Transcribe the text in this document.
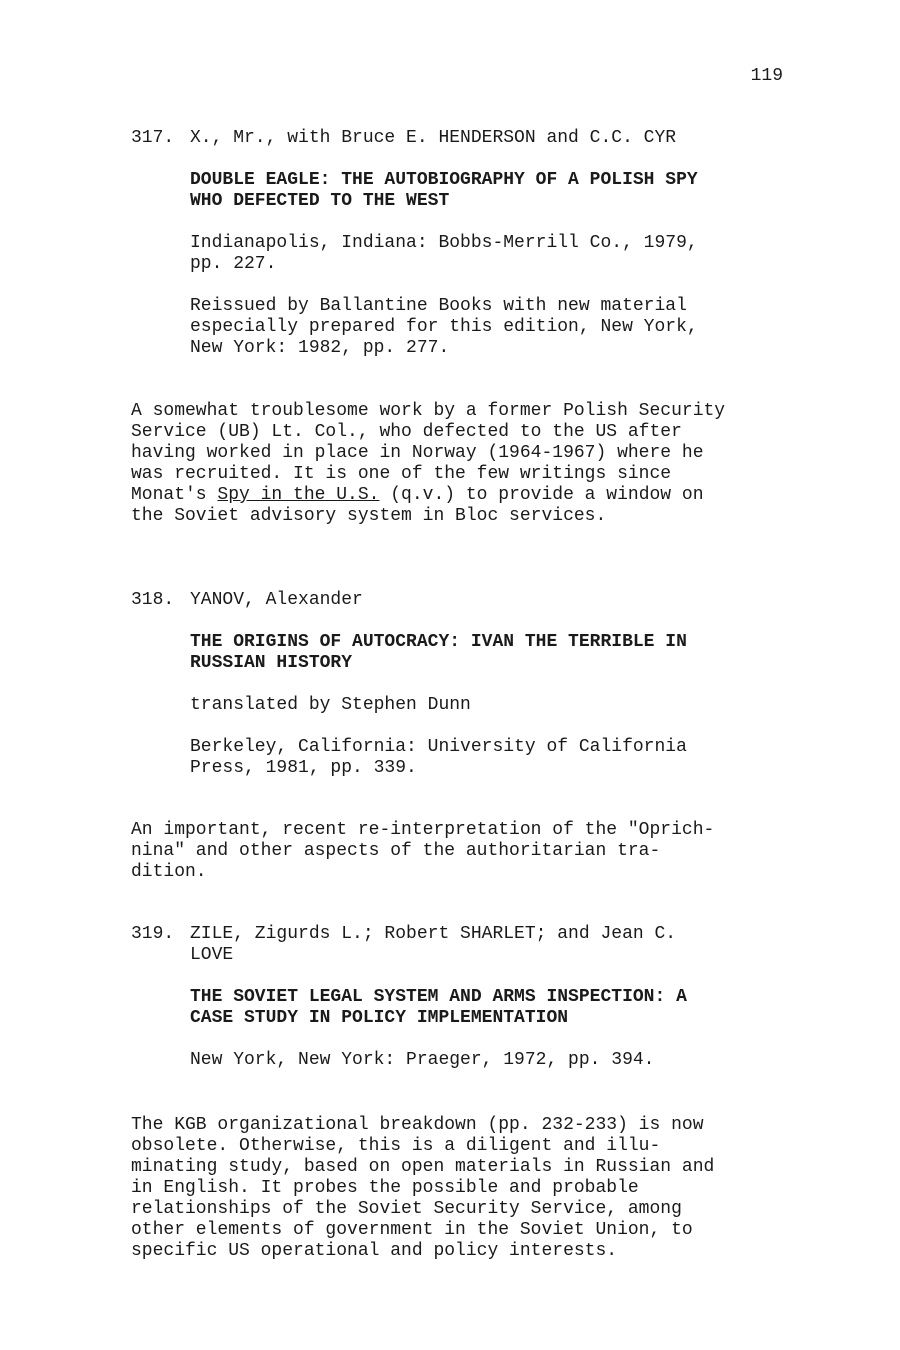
119
317. X., Mr., with Bruce E. HENDERSON and C.C. CYR
DOUBLE EAGLE: THE AUTOBIOGRAPHY OF A POLISH SPY
WHO DEFECTED TO THE WEST
Indianapolis, Indiana: Bobbs-Merrill Co., 1979,
pp. 227.
Reissued by Ballantine Books with new material
especially prepared for this edition, New York,
New York: 1982, pp. 277.
A somewhat troublesome work by a former Polish Security
Service (UB) Lt. Col., who defected to the US after
having worked in place in Norway (1964-1967) where he
was recruited. It is one of the few writings since
Monat's Spy in the U.S. (q.v.) to provide a window on
the Soviet advisory system in Bloc services.
318. YANOV, Alexander
THE ORIGINS OF AUTOCRACY: IVAN THE TERRIBLE IN
RUSSIAN HISTORY
translated by Stephen Dunn
Berkeley, California: University of California
Press, 1981, pp. 339.
An important, recent re-interpretation of the "Oprich-
nina" and other aspects of the authoritarian tra-
dition.
319. ZILE, Zigurds L.; Robert SHARLET; and Jean C.
LOVE
THE SOVIET LEGAL SYSTEM AND ARMS INSPECTION: A
CASE STUDY IN POLICY IMPLEMENTATION
New York, New York: Praeger, 1972, pp. 394.
The KGB organizational breakdown (pp. 232-233) is now
obsolete. Otherwise, this is a diligent and illu-
minating study, based on open materials in Russian and
in English. It probes the possible and probable
relationships of the Soviet Security Service, among
other elements of government in the Soviet Union, to
specific US operational and policy interests.
